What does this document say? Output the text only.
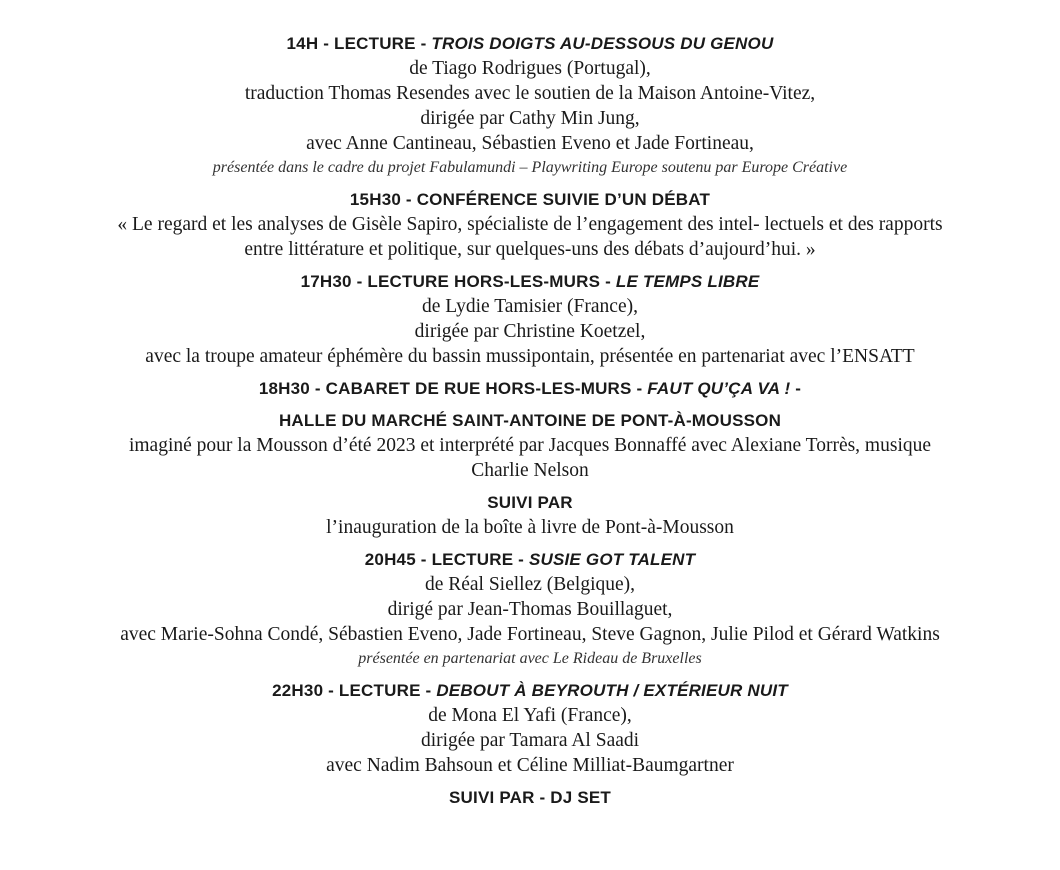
14H - LECTURE - TROIS DOIGTS AU-DESSOUS DU GENOU
de Tiago Rodrigues (Portugal),
traduction Thomas Resendes avec le soutien de la Maison Antoine-Vitez,
dirigée par Cathy Min Jung,
avec Anne Cantineau, Sébastien Eveno et Jade Fortineau,
présentée dans le cadre du projet Fabulamundi – Playwriting Europe soutenu par Europe Créative
15H30 - CONFÉRENCE SUIVIE D’UN DÉBAT
« Le regard et les analyses de Gisèle Sapiro, spécialiste de l’engagement des intel- lectuels et des rapports
entre littérature et politique, sur quelques-uns des débats d’aujourd’hui. »
17H30 - LECTURE HORS-LES-MURS - LE TEMPS LIBRE
de Lydie Tamisier (France),
dirigée par Christine Koetzel,
avec la troupe amateur éphémère du bassin mussipontain, présentée en partenariat avec l’ENSATT
18H30 - CABARET DE RUE HORS-LES-MURS - FAUT QU’ÇA VA ! -
HALLE DU MARCHÉ SAINT-ANTOINE DE PONT-À-MOUSSON
imaginé pour la Mousson d’été 2023 et interprété par Jacques Bonnaffé avec Alexiane Torrès, musique
Charlie Nelson
SUIVI PAR
l’inauguration de la boîte à livre de Pont-à-Mousson
20H45 - LECTURE - SUSIE GOT TALENT
de Réal Siellez (Belgique),
dirigé par Jean-Thomas Bouillaguet,
avec Marie-Sohna Condé, Sébastien Eveno, Jade Fortineau, Steve Gagnon, Julie Pilod et Gérard Watkins
présentée en partenariat avec Le Rideau de Bruxelles
22H30 - LECTURE - DEBOUT À BEYROUTH / EXTÉRIEUR NUIT
de Mona El Yafi (France),
dirigée par Tamara Al Saadi
avec Nadim Bahsoun et Céline Milliat-Baumgartner
SUIVI PAR - DJ SET
